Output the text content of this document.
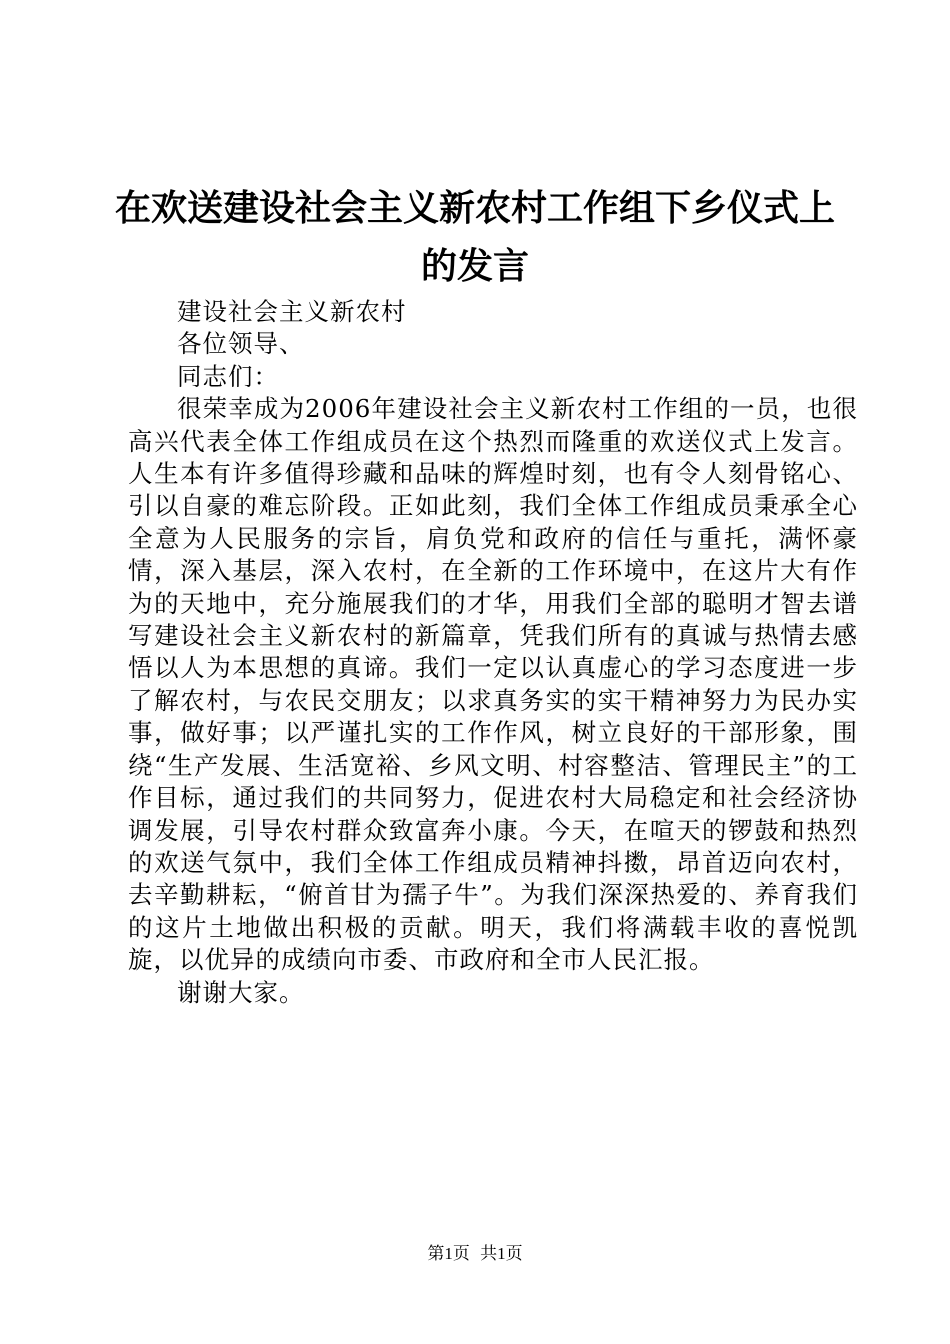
在欢送建设社会主义新农村工作组下乡仪式上的发言

建设社会主义新农村

各位领导、

同志们：

很荣幸成为2006年建设社会主义新农村工作组的一员，也很高兴代表全体工作组成员在这个热烈而隆重的欢送仪式上发言。人生本有许多值得珍藏和品味的辉煌时刻，也有令人刻骨铭心、引以自豪的难忘阶段。正如此刻，我们全体工作组成员秉承全心全意为人民服务的宗旨，肩负党和政府的信任与重托，满怀豪情，深入基层，深入农村，在全新的工作环境中，在这片大有作为的天地中，充分施展我们的才华，用我们全部的聪明才智去谱写建设社会主义新农村的新篇章，凭我们所有的真诚与热情去感悟以人为本思想的真谛。我们一定以认真虚心的学习态度进一步了解农村，与农民交朋友；以求真务实的实干精神努力为民办实事，做好事；以严谨扎实的工作作风，树立良好的干部形象，围绕“生产发展、生活宽裕、乡风文明、村容整洁、管理民主”的工作目标，通过我们的共同努力，促进农村大局稳定和社会经济协调发展，引导农村群众致富奔小康。今天，在喧天的锣鼓和热烈的欢送气氛中，我们全体工作组成员精神抖擞，昂首迈向农村，去辛勤耕耘，“俯首甘为孺子牛”。为我们深深热爱的、养育我们的这片土地做出积极的贡献。明天，我们将满载丰收的喜悦凯旋，以优异的成绩向市委、市政府和全市人民汇报。

谢谢大家。

第1页 共1页
